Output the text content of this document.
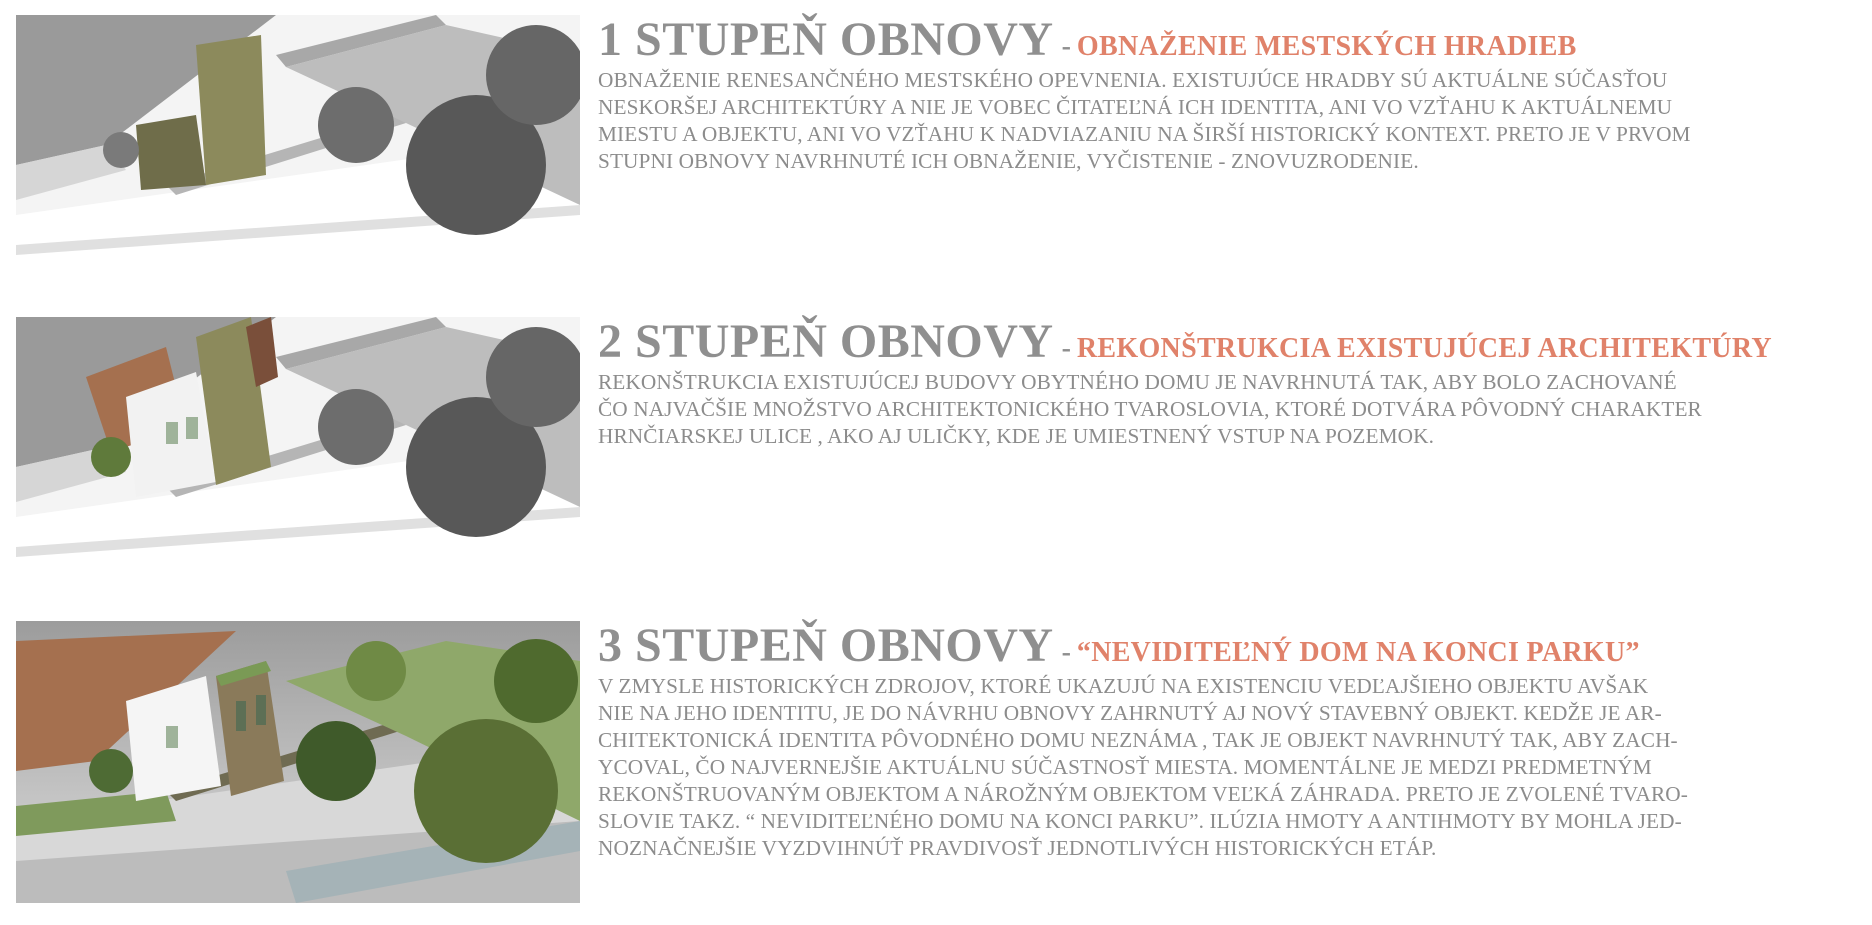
1 STUPEŇ OBNOVY - OBNAŽENIE MESTSKÝCH HRADIEB

OBNAŽENIE RENESANČNÉHO MESTSKÉHO OPEVNENIA. EXISTUJÚCE HRADBY SÚ AKTUÁLNE SÚČASŤOU
NESKORŠEJ ARCHITEKTÚRY A NIE JE VOBEC ČITATEĽNÁ ICH IDENTITA, ANI VO VZŤAHU K AKTUÁLNEMU
MIESTU A OBJEKTU, ANI VO VZŤAHU K NADVIAZANIU NA ŠIRŠÍ HISTORICKÝ KONTEXT. PRETO JE V PRVOM
STUPNI OBNOVY NAVRHNUTÉ ICH OBNAŽENIE, VYČISTENIE - ZNOVUZRODENIE.

2 STUPEŇ OBNOVY - REKONŠTRUKCIA EXISTUJÚCEJ ARCHITEKTÚRY

REKONŠTRUKCIA EXISTUJÚCEJ BUDOVY OBYTNÉHO DOMU JE NAVRHNUTÁ TAK, ABY BOLO ZACHOVANÉ
ČO NAJVAČŠIE MNOŽSTVO ARCHITEKTONICKÉHO TVAROSLOVIA, KTORÉ DOTVÁRA PÔVODNÝ CHARAKTER
HRNČIARSKEJ ULICE , AKO AJ ULIČKY, KDE JE UMIESTNENÝ VSTUP NA POZEMOK.

3 STUPEŇ OBNOVY - “NEVIDITEĽNÝ DOM NA KONCI PARKU”

V ZMYSLE HISTORICKÝCH ZDROJOV, KTORÉ UKAZUJÚ NA EXISTENCIU VEDĽAJŠIEHO OBJEKTU AVŠAK
NIE NA JEHO IDENTITU, JE DO NÁVRHU OBNOVY ZAHRNUTÝ AJ NOVÝ STAVEBNÝ OBJEKT. KEDŽE JE AR-
CHITEKTONICKÁ IDENTITA PÔVODNÉHO DOMU NEZNÁMA , TAK JE OBJEKT NAVRHNUTÝ TAK, ABY ZACH-
YCOVAL, ČO NAJVERNEJŠIE AKTUÁLNU SÚČASTNOSŤ MIESTA. MOMENTÁLNE JE MEDZI PREDMETNÝM
REKONŠTRUOVANÝM OBJEKTOM A NÁROŽNÝM OBJEKTOM VEĽKÁ ZÁHRADA. PRETO JE ZVOLENÉ TVARO-
SLOVIE TAKZ. “ NEVIDITEĽNÉHO DOMU NA KONCI PARKU”. ILÚZIA HMOTY A ANTIHMOTY BY MOHLA JED-
NOZNAČNEJŠIE VYZDVIHNÚŤ PRAVDIVOSŤ JEDNOTLIVÝCH HISTORICKÝCH ETÁP.
